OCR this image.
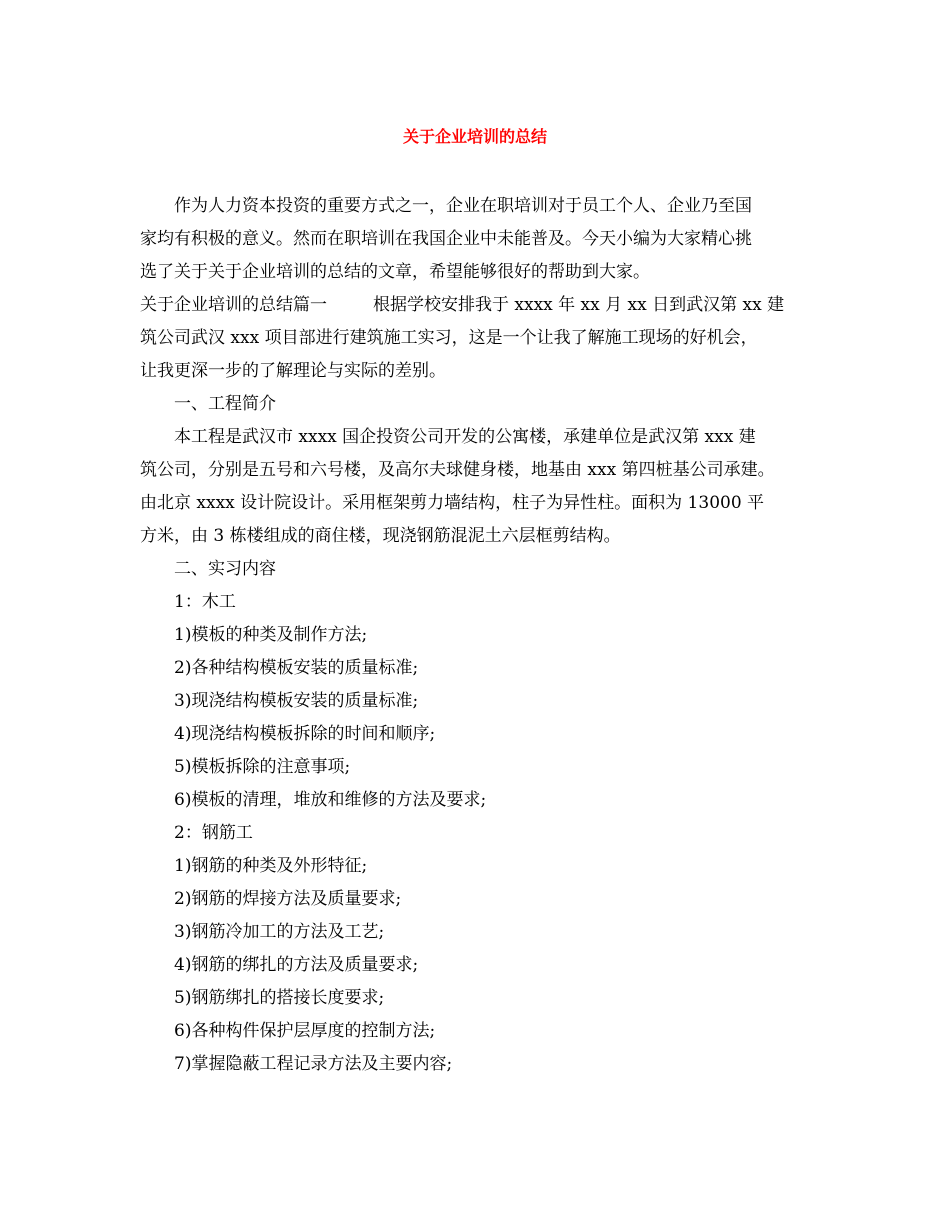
关于企业培训的总结
作为人力资本投资的重要方式之一，企业在职培训对于员工个人、企业乃至国
家均有积极的意义。然而在职培训在我国企业中未能普及。今天小编为大家精心挑
选了关于关于企业培训的总结的文章，希望能够很好的帮助到大家。
关于企业培训的总结篇一	根据学校安排我于 xxxx 年 xx 月 xx 日到武汉第 xx 建
筑公司武汉 xxx 项目部进行建筑施工实习，这是一个让我了解施工现场的好机会，
让我更深一步的了解理论与实际的差别。
一、工程简介
本工程是武汉市 xxxx 国企投资公司开发的公寓楼，承建单位是武汉第 xxx 建
筑公司，分别是五号和六号楼，及高尔夫球健身楼，地基由 xxx 第四桩基公司承建。
由北京 xxxx 设计院设计。采用框架剪力墙结构，柱子为异性柱。面积为 13000 平
方米，由 3 栋楼组成的商住楼，现浇钢筋混泥土六层框剪结构。
二、实习内容
1：木工
1)模板的种类及制作方法;
2)各种结构模板安装的质量标准;
3)现浇结构模板安装的质量标准;
4)现浇结构模板拆除的时间和顺序;
5)模板拆除的注意事项;
6)模板的清理，堆放和维修的方法及要求;
2：钢筋工
1)钢筋的种类及外形特征;
2)钢筋的焊接方法及质量要求;
3)钢筋冷加工的方法及工艺;
4)钢筋的绑扎的方法及质量要求;
5)钢筋绑扎的搭接长度要求;
6)各种构件保护层厚度的控制方法;
7)掌握隐蔽工程记录方法及主要内容;
